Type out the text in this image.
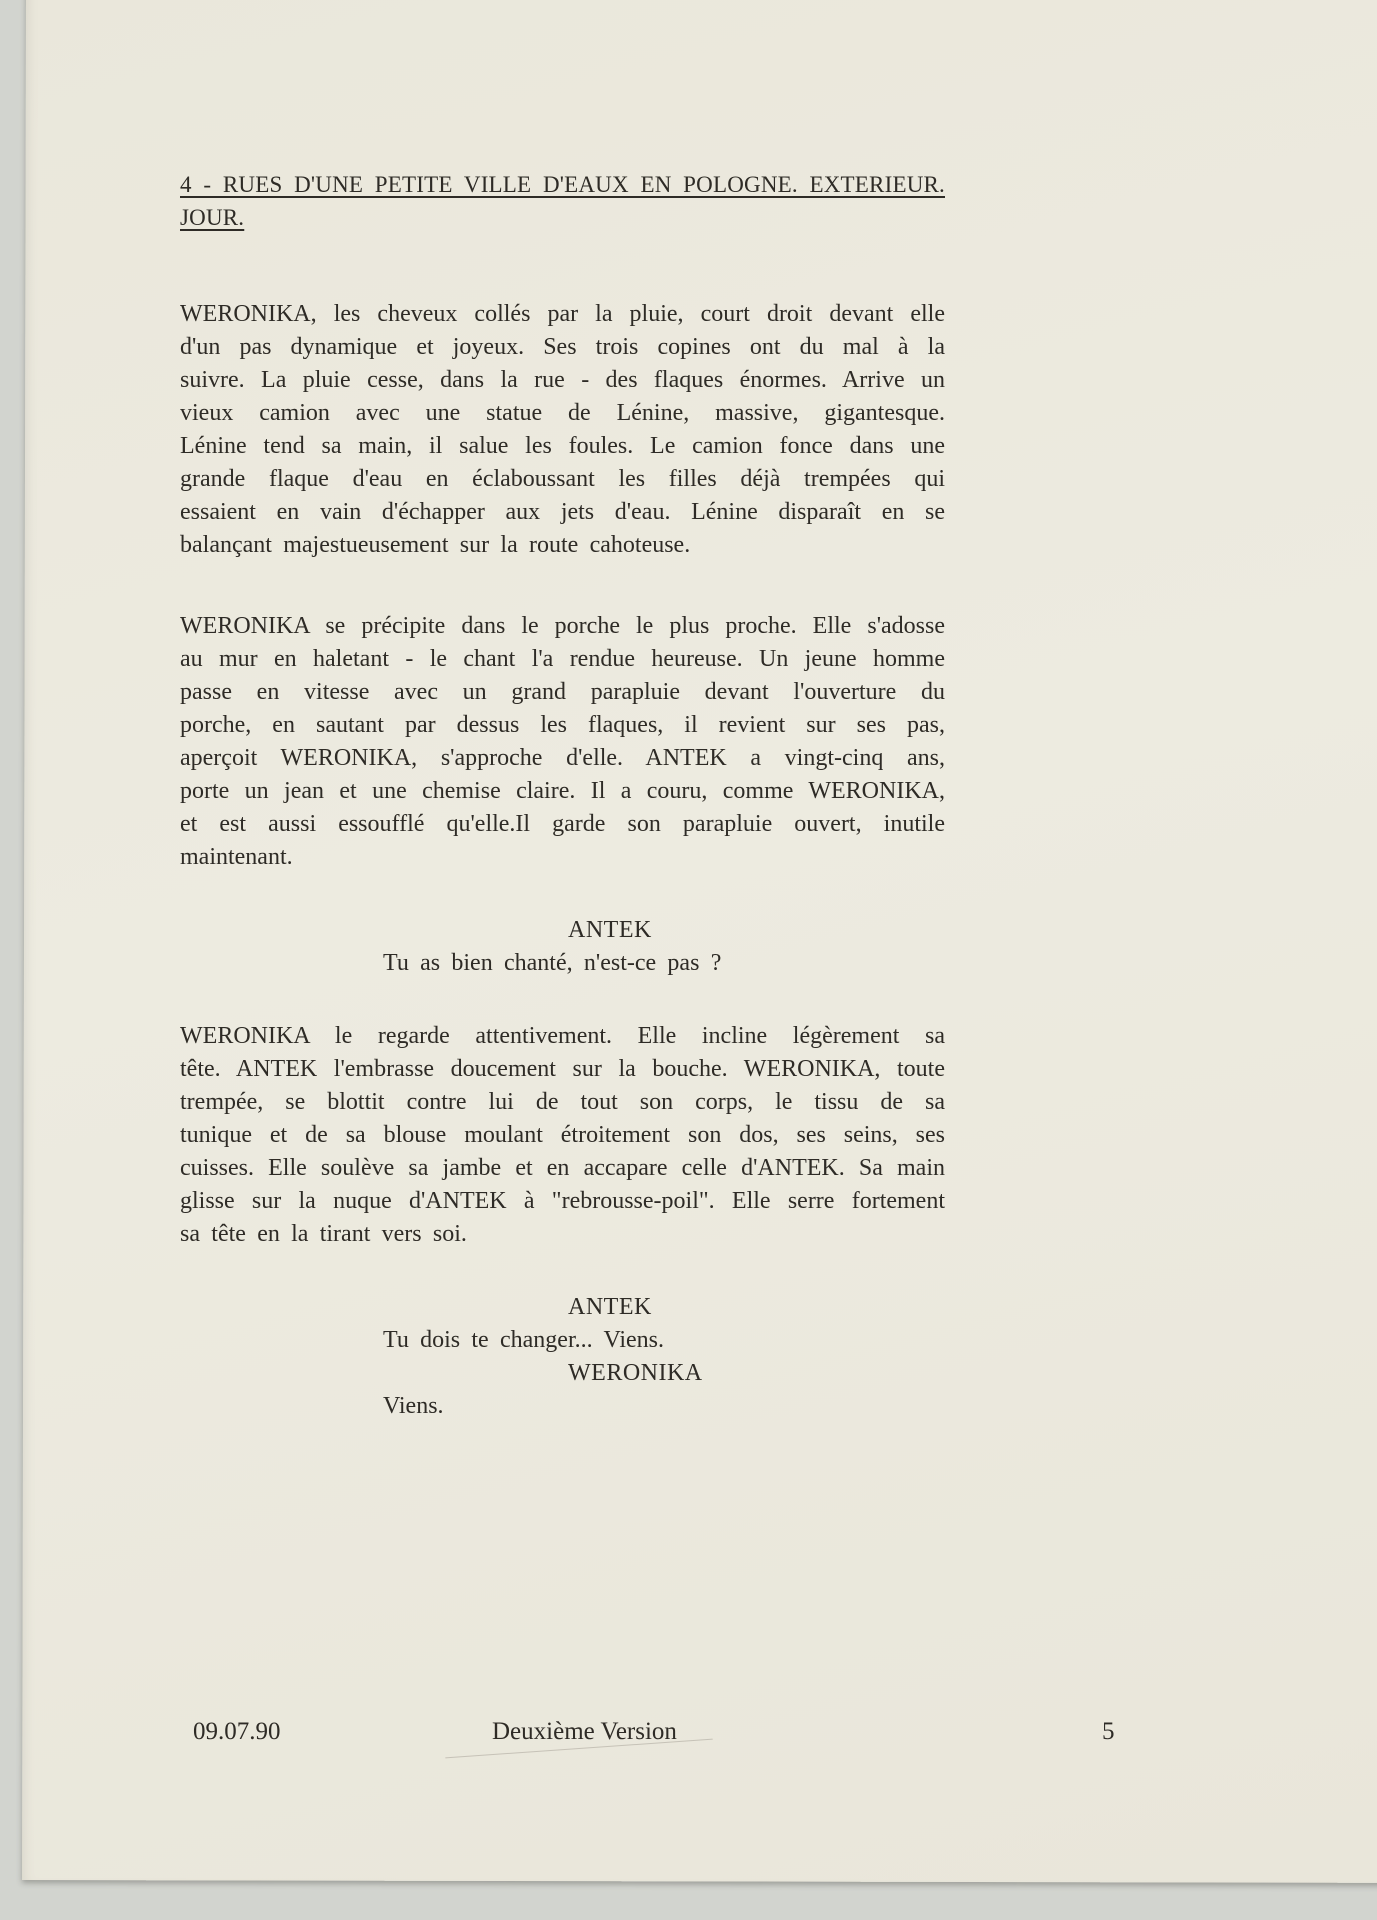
4 - RUES D'UNE PETITE VILLE D'EAUX EN POLOGNE. EXTERIEUR.
JOUR.
WERONIKA, les cheveux collés par la pluie, court droit devant elle
d'un pas dynamique et joyeux. Ses trois copines ont du mal à la
suivre. La pluie cesse, dans la rue - des flaques énormes. Arrive un
vieux camion avec une statue de Lénine, massive, gigantesque.
Lénine tend sa main, il salue les foules. Le camion fonce dans une
grande flaque d'eau en éclaboussant les filles déjà trempées qui
essaient en vain d'échapper aux jets d'eau. Lénine disparaît en se
balançant majestueusement sur la route cahoteuse.
WERONIKA se précipite dans le porche le plus proche. Elle s'adosse
au mur en haletant - le chant l'a rendue heureuse. Un jeune homme
passe en vitesse avec un grand parapluie devant l'ouverture du
porche, en sautant par dessus les flaques, il revient sur ses pas,
aperçoit WERONIKA, s'approche d'elle. ANTEK a vingt-cinq ans,
porte un jean et une chemise claire. Il a couru, comme WERONIKA,
et est aussi essoufflé qu'elle.Il garde son parapluie ouvert, inutile
maintenant.
ANTEK
Tu as bien chanté, n'est-ce pas ?
WERONIKA le regarde attentivement. Elle incline légèrement sa
tête. ANTEK l'embrasse doucement sur la bouche. WERONIKA, toute
trempée, se blottit contre lui de tout son corps, le tissu de sa
tunique et de sa blouse moulant étroitement son dos, ses seins, ses
cuisses. Elle soulève sa jambe et en accapare celle d'ANTEK. Sa main
glisse sur la nuque d'ANTEK à "rebrousse-poil". Elle serre fortement
sa tête en la tirant vers soi.
ANTEK
Tu dois te changer... Viens.
WERONIKA
Viens.
09.07.90	Deuxième Version	5
